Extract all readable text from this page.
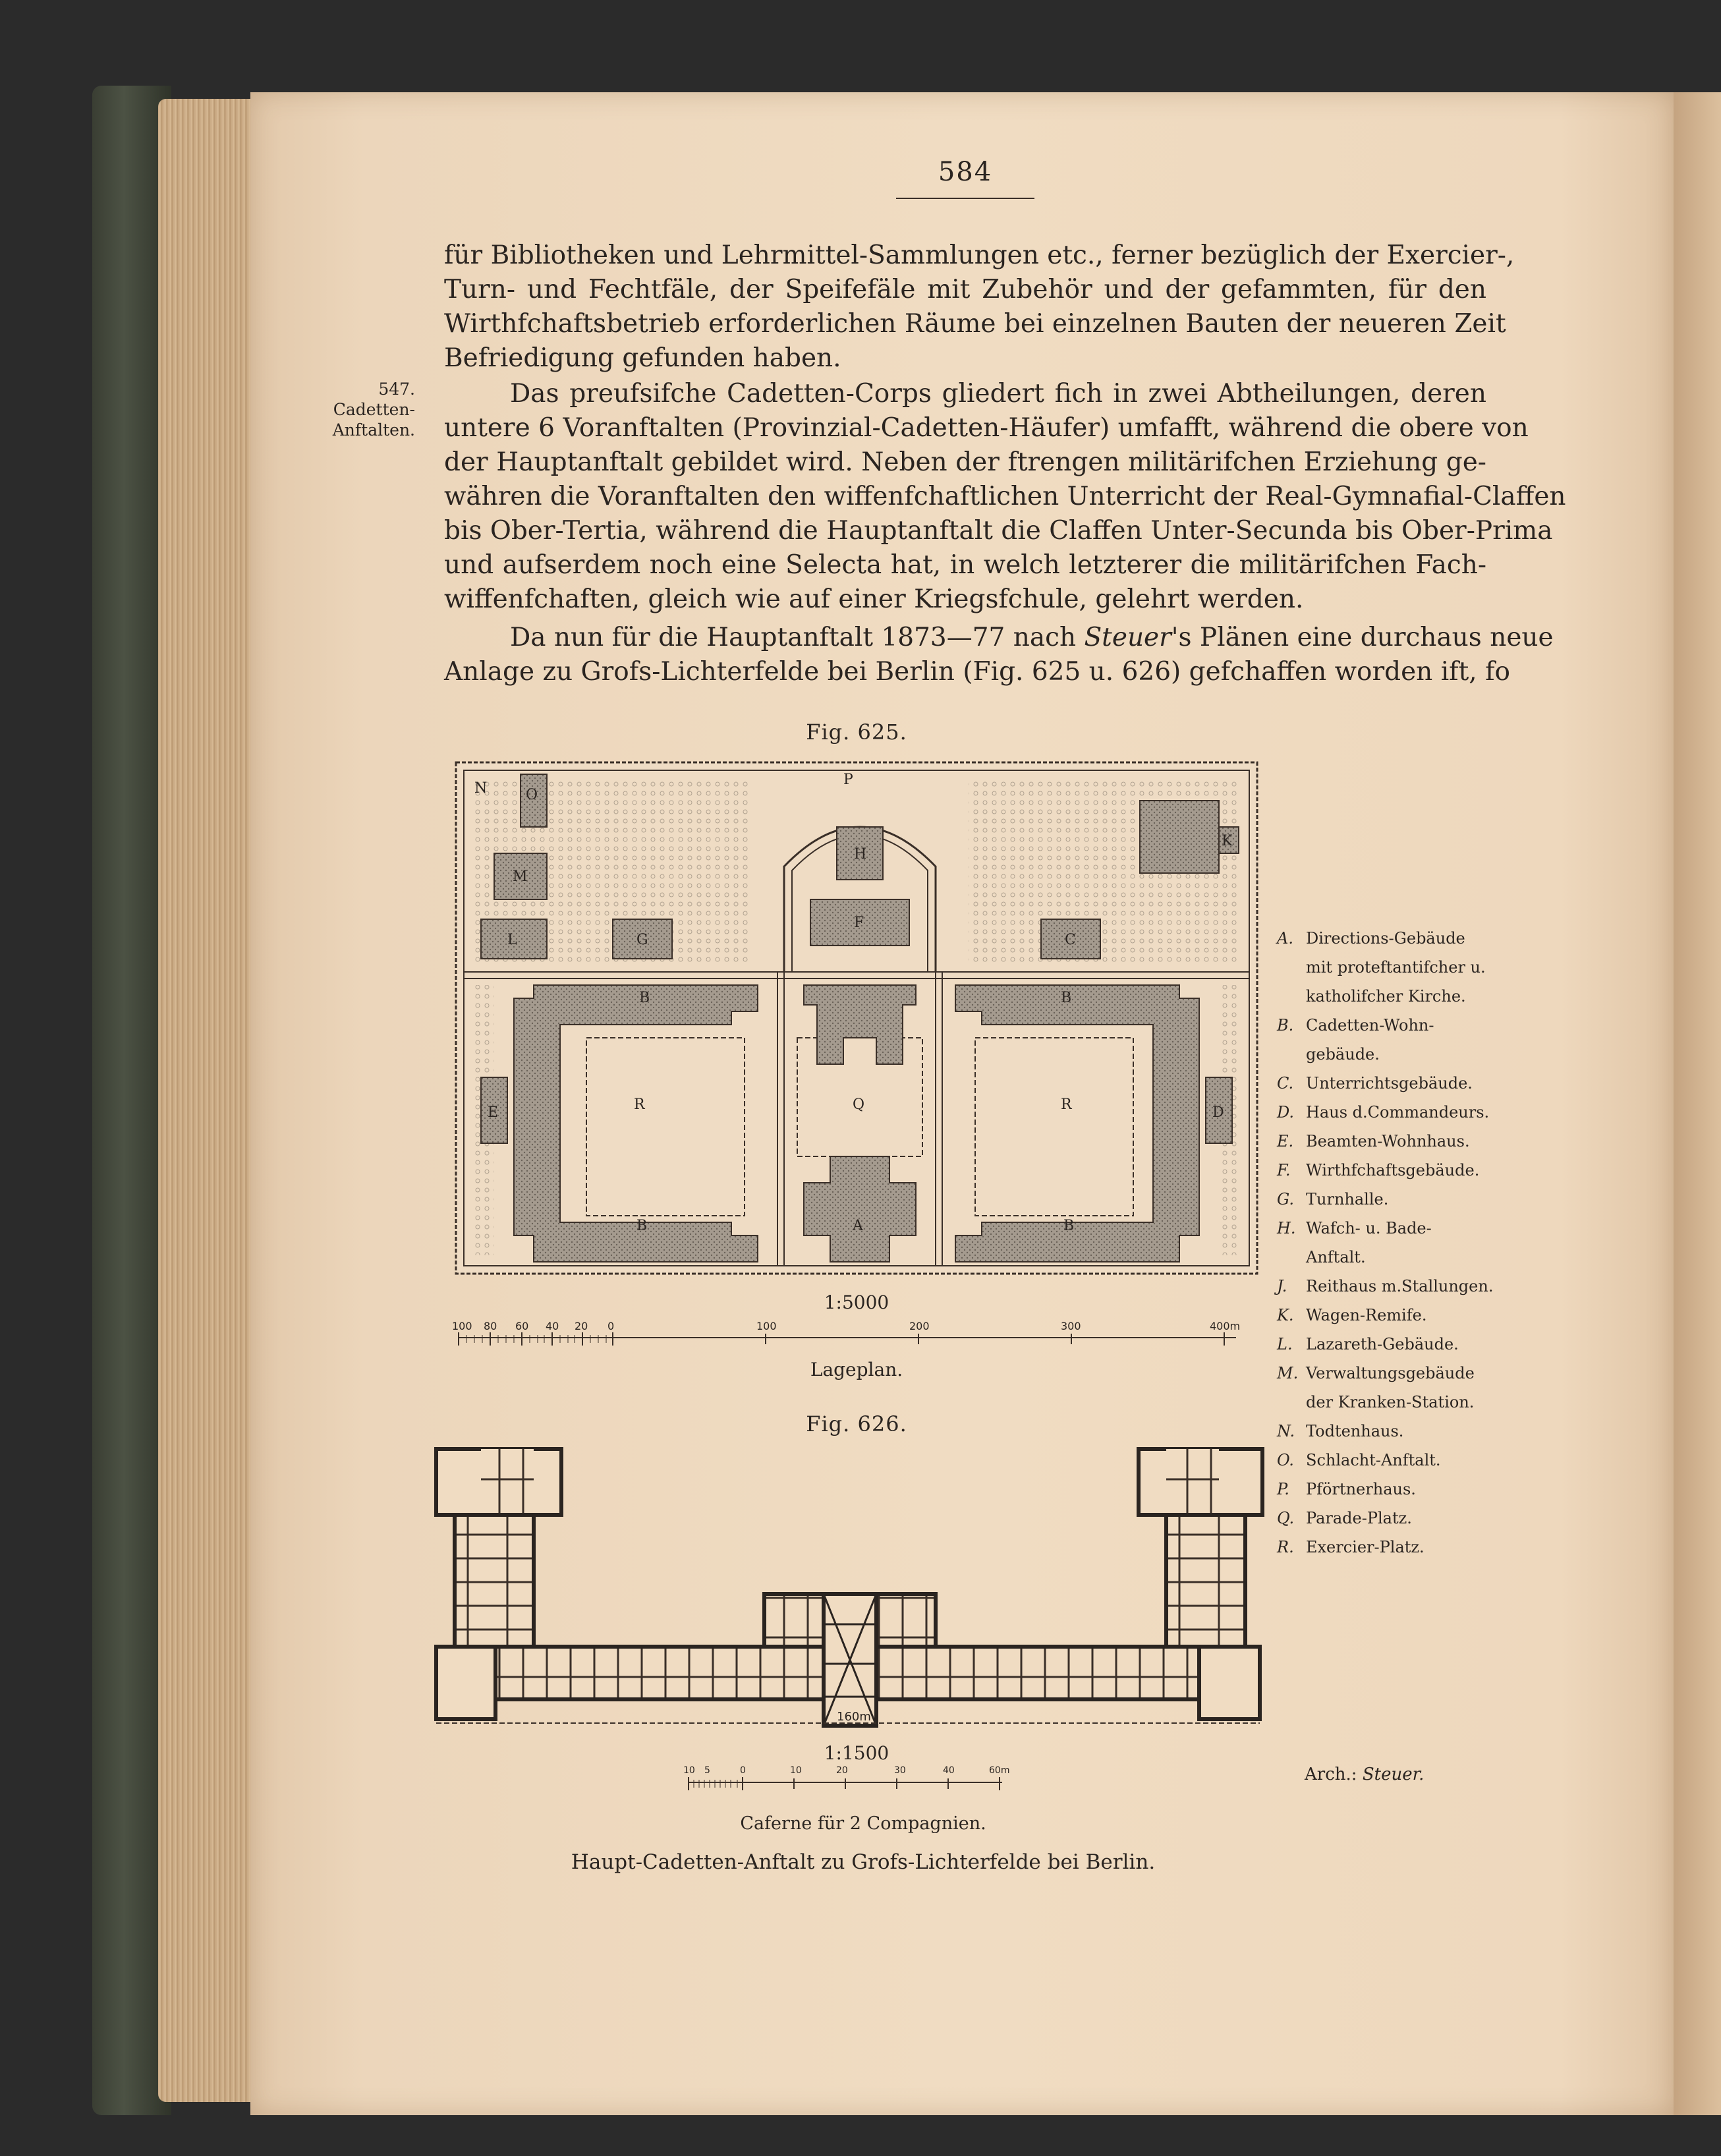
584

für Bibliotheken und Lehrmittel-Sammlungen etc., ferner bezüglich der Exercier-,
Turn- und Fechtfäle, der Speifefäle mit Zubehör und der gefammten, für den
Wirthfchaftsbetrieb erforderlichen Räume bei einzelnen Bauten der neueren Zeit
Befriedigung gefunden haben.

547.
Cadetten-
Anftalten.

Das preufsifche Cadetten-Corps gliedert fich in zwei Abtheilungen, deren
untere 6 Voranftalten (Provinzial-Cadetten-Häufer) umfafft, während die obere von
der Hauptanftalt gebildet wird. Neben der ftrengen militärifchen Erziehung ge-
währen die Voranftalten den wiffenfchaftlichen Unterricht der Real-Gymnafial-Claffen
bis Ober-Tertia, während die Hauptanftalt die Claffen Unter-Secunda bis Ober-Prima
und aufserdem noch eine Selecta hat, in welch letzterer die militärifchen Fach-
wiffenfchaften, gleich wie auf einer Kriegsfchule, gelehrt werden.

Da nun für die Hauptanftalt 1873—77 nach Steuer's Plänen eine durchaus neue
Anlage zu Grofs-Lichterfelde bei Berlin (Fig. 625 u. 626) gefchaffen worden ift, fo

Fig. 625.
N	O
P
H
M
K
L	G
F
C
B	B
R	Q	R
E	D
B	A	B
1:5000
100 80 60 40 20 0	100	200	300	400m
Lageplan.
A. Directions-Gebäude
mit proteftantifcher u.
katholifcher Kirche.
B. Cadetten-Wohn-
gebäude.
C. Unterrichtsgebäude.
D. Haus d.Commandeurs.
E. Beamten-Wohnhaus.
F. Wirthfchaftsgebäude.
G. Turnhalle.
H. Wafch- u. Bade-
Anftalt.
J.	Reithaus m.Stallungen.
K. Wagen-Remife.
L. Lazareth-Gebäude.
M. Verwaltungsgebäude
der Kranken-Station.
N. Todtenhaus.
O. Schlacht-Anftalt.
P.	Pförtnerhaus.
Q. Parade-Platz.
R. Exercier-Platz.
Fig. 626.
160m
1:1500
10 5	0	10	20	30	40	60m
Caferne für 2 Compagnien.
Arch.: Steuer.
Haupt-Cadetten-Anftalt zu Grofs-Lichterfelde bei Berlin.
